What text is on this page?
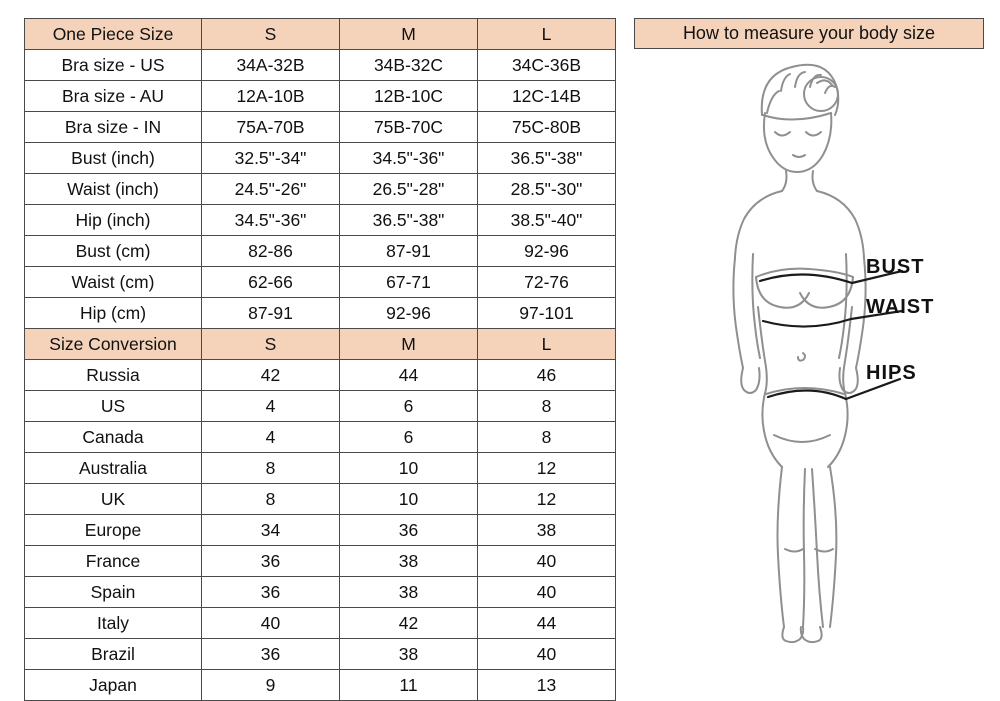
One Piece Size	S	M	L
Bra size - US	34A-32B	34B-32C	34C-36B
Bra size - AU	12A-10B	12B-10C	12C-14B
Bra size - IN	75A-70B	75B-70C	75C-80B
Bust (inch)	32.5"-34"	34.5"-36"	36.5"-38"
Waist (inch)	24.5"-26"	26.5"-28"	28.5"-30"
Hip (inch)	34.5"-36"	36.5"-38"	38.5"-40"
Bust (cm)	82-86	87-91	92-96
Waist (cm)	62-66	67-71	72-76
Hip (cm)	87-91	92-96	97-101
Size Conversion	S	M	L
Russia	42	44	46
US	4	6	8
Canada	4	6	8
Australia	8	10	12
UK	8	10	12
Europe	34	36	38
France	36	38	40
Spain	36	38	40
Italy	40	42	44
Brazil	36	38	40
Japan	9	11	13
How to measure your body size
BUST
WAIST
HIPS
